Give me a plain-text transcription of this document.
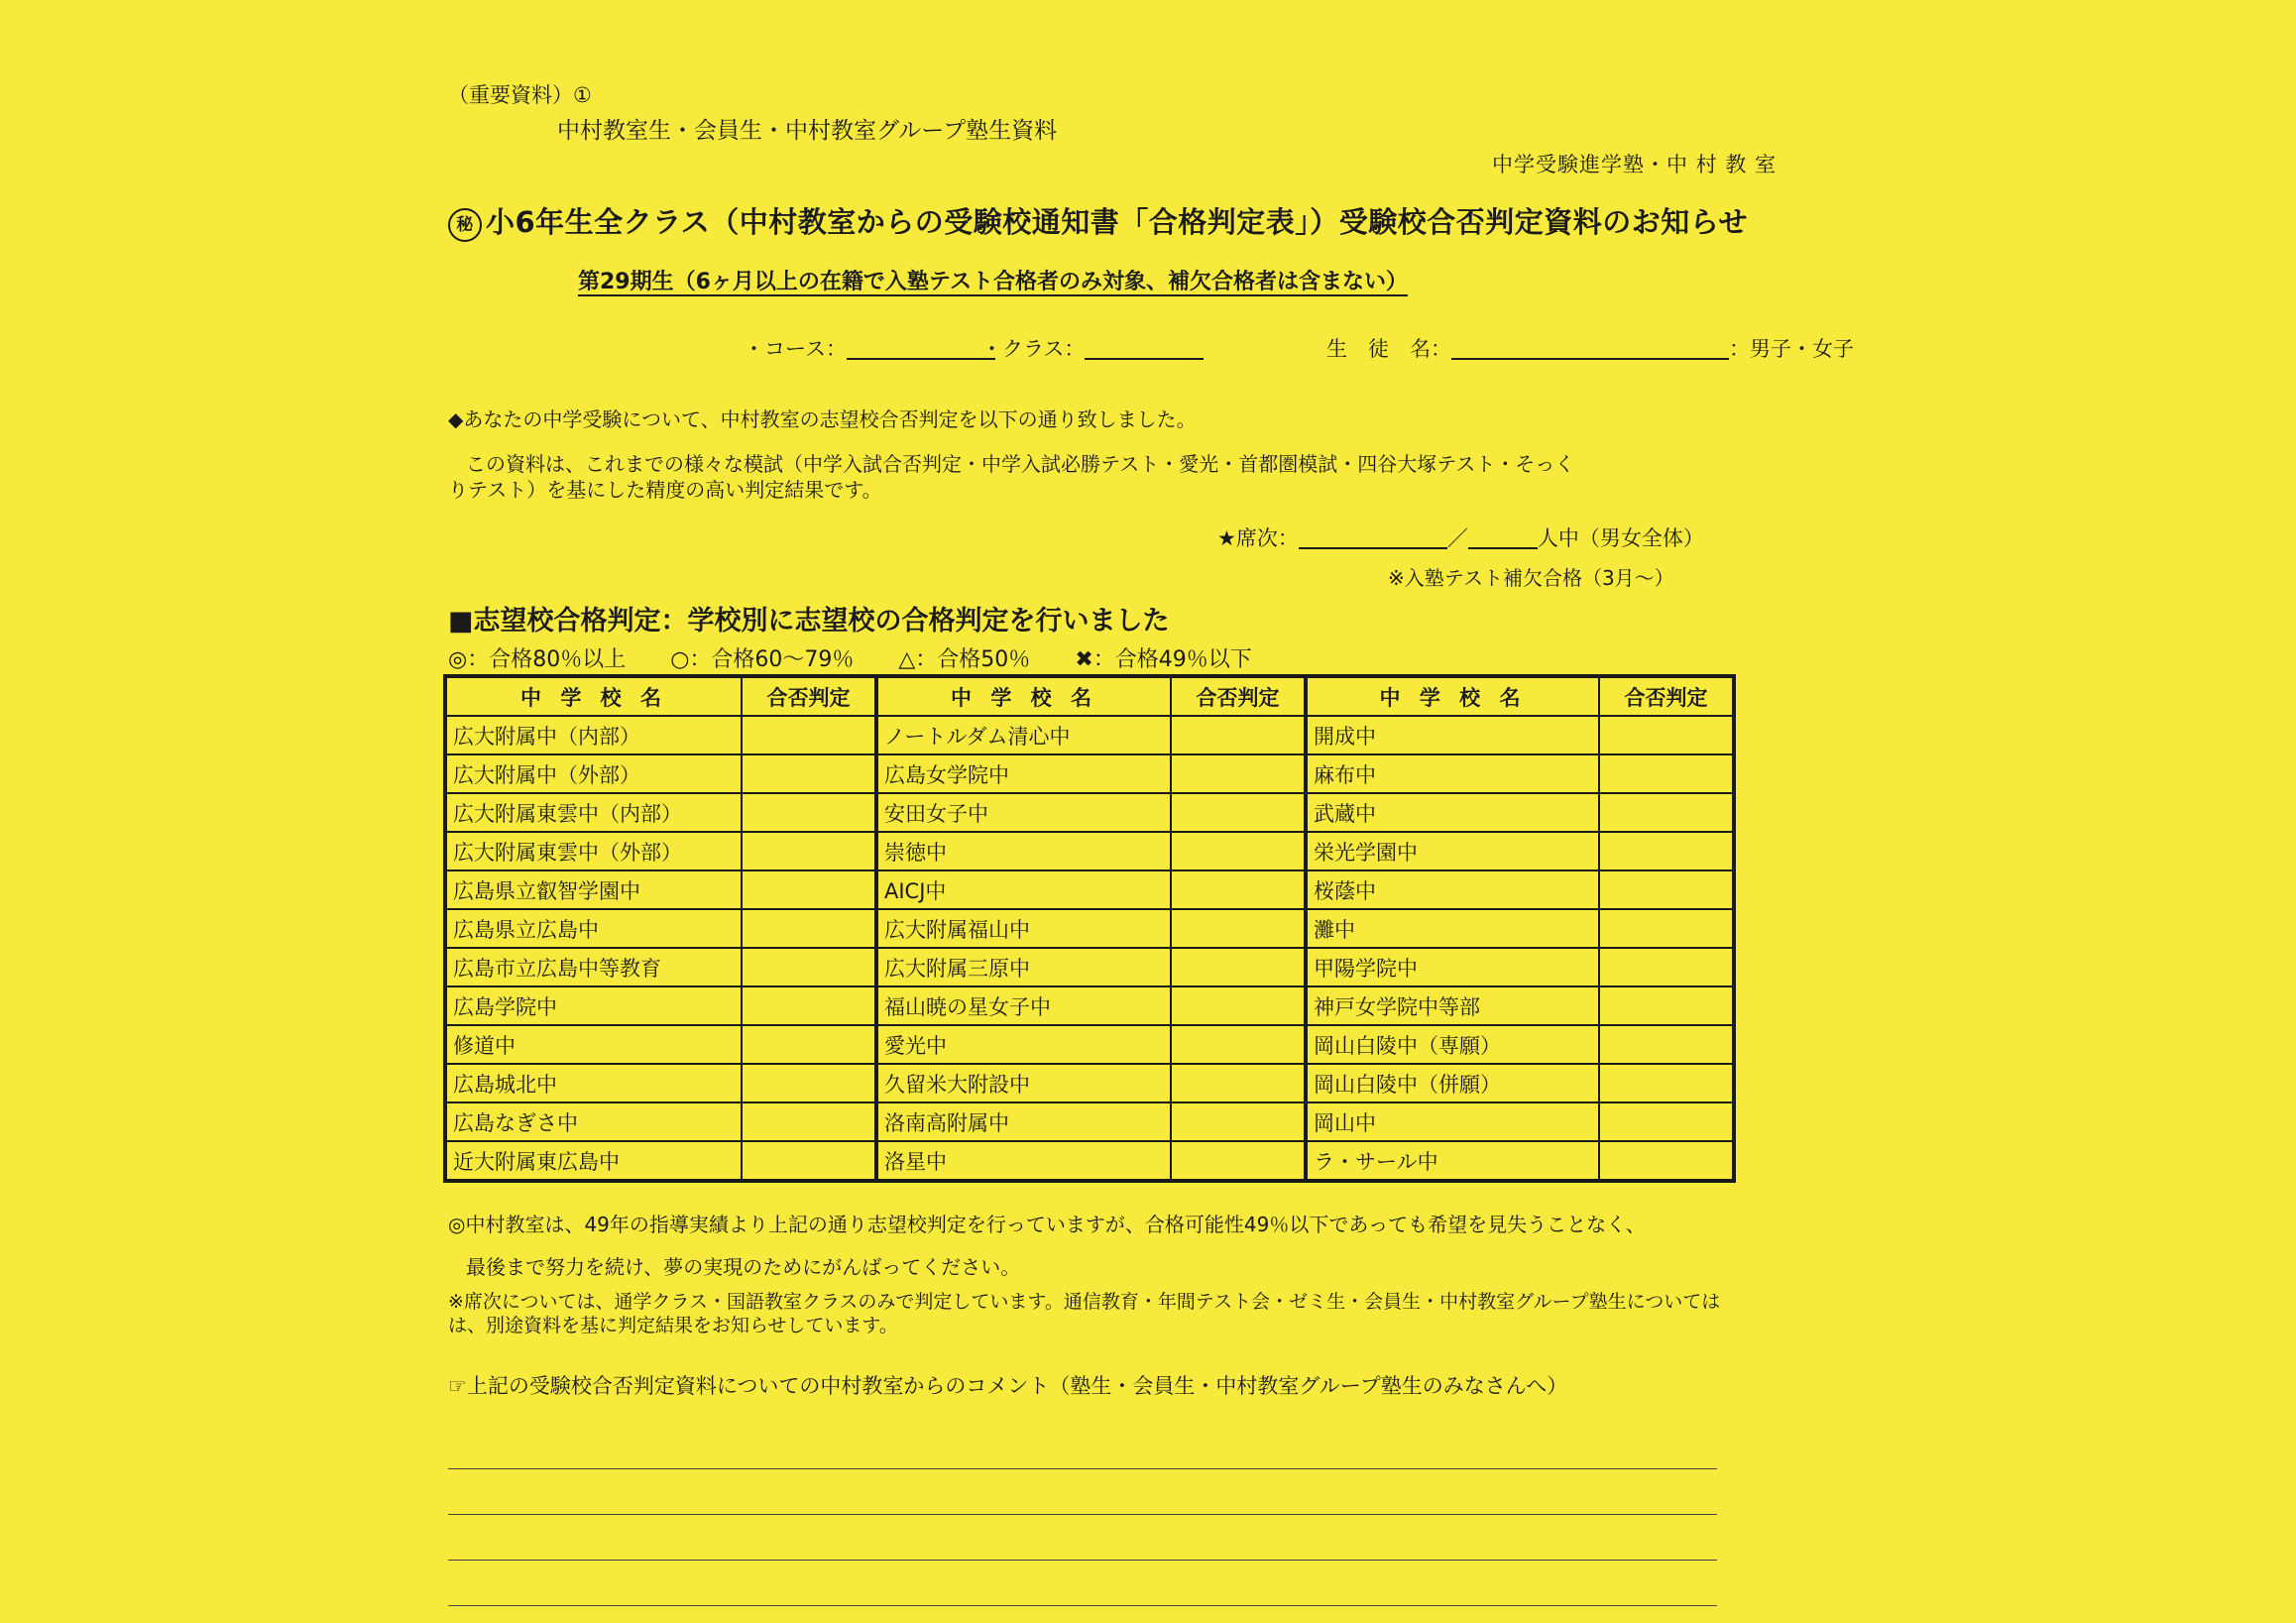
（重要資料）①
中村教室生・会員生・中村教室グループ塾生資料
中学受験進学塾・中 村 教 室
秘 小6年生全クラス（中村教室からの受験校通知書「合格判定表」）受験校合否判定資料のお知らせ
第29期生（6ヶ月以上の在籍で入塾テスト合格者のみ対象、補欠合格者は含まない）
・コース：	・クラス：	生　徒　名：	：男子・女子
◆あなたの中学受験について、中村教室の志望校合否判定を以下の通り致しました。
この資料は、これまでの様々な模試（中学入試合否判定・中学入試必勝テスト・愛光・首都圏模試・四谷大塚テスト・そっく
りテスト）を基にした精度の高い判定結果です。
★席次：	／	人中（男女全体）
※入塾テスト補欠合格（3月～）
■志望校合格判定：学校別に志望校の合格判定を行いました
◎：合格80％以上 ○：合格60～79％ △：合格50％ ✖：合格49％以下
中 学 校 名	合否判定	中 学 校 名	合否判定	中 学 校 名	合否判定
広大附属中（内部）		ノートルダム清心中		開成中	
広大附属中（外部）		広島女学院中		麻布中	
広大附属東雲中（内部）		安田女子中		武蔵中	
広大附属東雲中（外部）		崇徳中		栄光学園中	
広島県立叡智学園中		AICJ中		桜蔭中	
広島県立広島中		広大附属福山中		灘中	
広島市立広島中等教育		広大附属三原中		甲陽学院中	
広島学院中		福山暁の星女子中		神戸女学院中等部	
修道中		愛光中		岡山白陵中（専願）	
広島城北中		久留米大附設中		岡山白陵中（併願）	
広島なぎさ中		洛南高附属中		岡山中	
近大附属東広島中		洛星中		ラ・サール中	
◎中村教室は、49年の指導実績より上記の通り志望校判定を行っていますが、合格可能性49％以下であっても希望を見失うことなく、
最後まで努力を続け、夢の実現のためにがんばってください。
※席次については、通学クラス・国語教室クラスのみで判定しています。通信教育・年間テスト会・ゼミ生・会員生・中村教室グループ塾生については
は、別途資料を基に判定結果をお知らせしています。
☞上記の受験校合否判定資料についての中村教室からのコメント（塾生・会員生・中村教室グループ塾生のみなさんへ）
